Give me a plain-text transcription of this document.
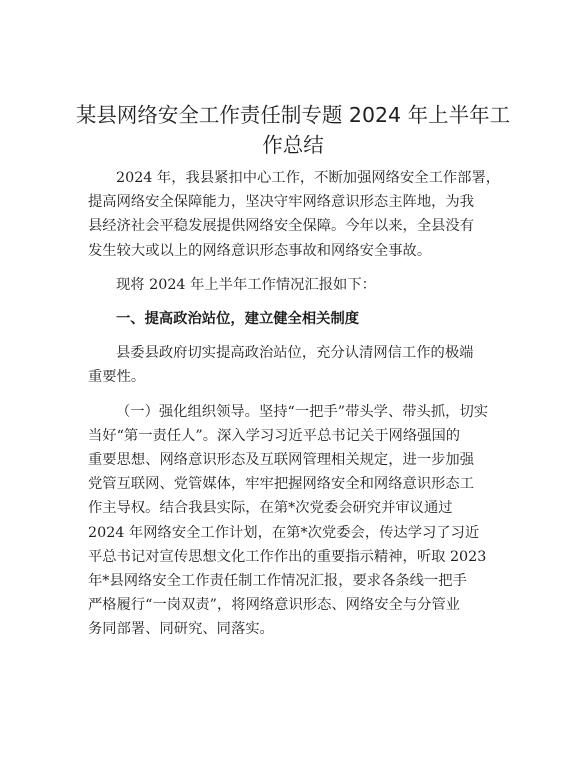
某县网络安全工作责任制专题 2024 年上半年工
作总结

2024 年，我县紧扣中心工作，不断加强网络安全工作部署，
提高网络安全保障能力，坚决守牢网络意识形态主阵地，为我
县经济社会平稳发展提供网络安全保障。今年以来，全县没有
发生较大或以上的网络意识形态事故和网络安全事故。

现将 2024 年上半年工作情况汇报如下：

一、提高政治站位，建立健全相关制度

县委县政府切实提高政治站位，充分认清网信工作的极端
重要性。

（一）强化组织领导。坚持“一把手”带头学、带头抓，切实
当好“第一责任人”。深入学习习近平总书记关于网络强国的
重要思想、网络意识形态及互联网管理相关规定，进一步加强
党管互联网、党管媒体，牢牢把握网络安全和网络意识形态工
作主导权。结合我县实际，在第*次党委会研究并审议通过
2024 年网络安全工作计划，在第*次党委会，传达学习了习近
平总书记对宣传思想文化工作作出的重要指示精神，听取 2023
年*县网络安全工作责任制工作情况汇报，要求各条线一把手
严格履行“一岗双责”，将网络意识形态、网络安全与分管业
务同部署、同研究、同落实。
